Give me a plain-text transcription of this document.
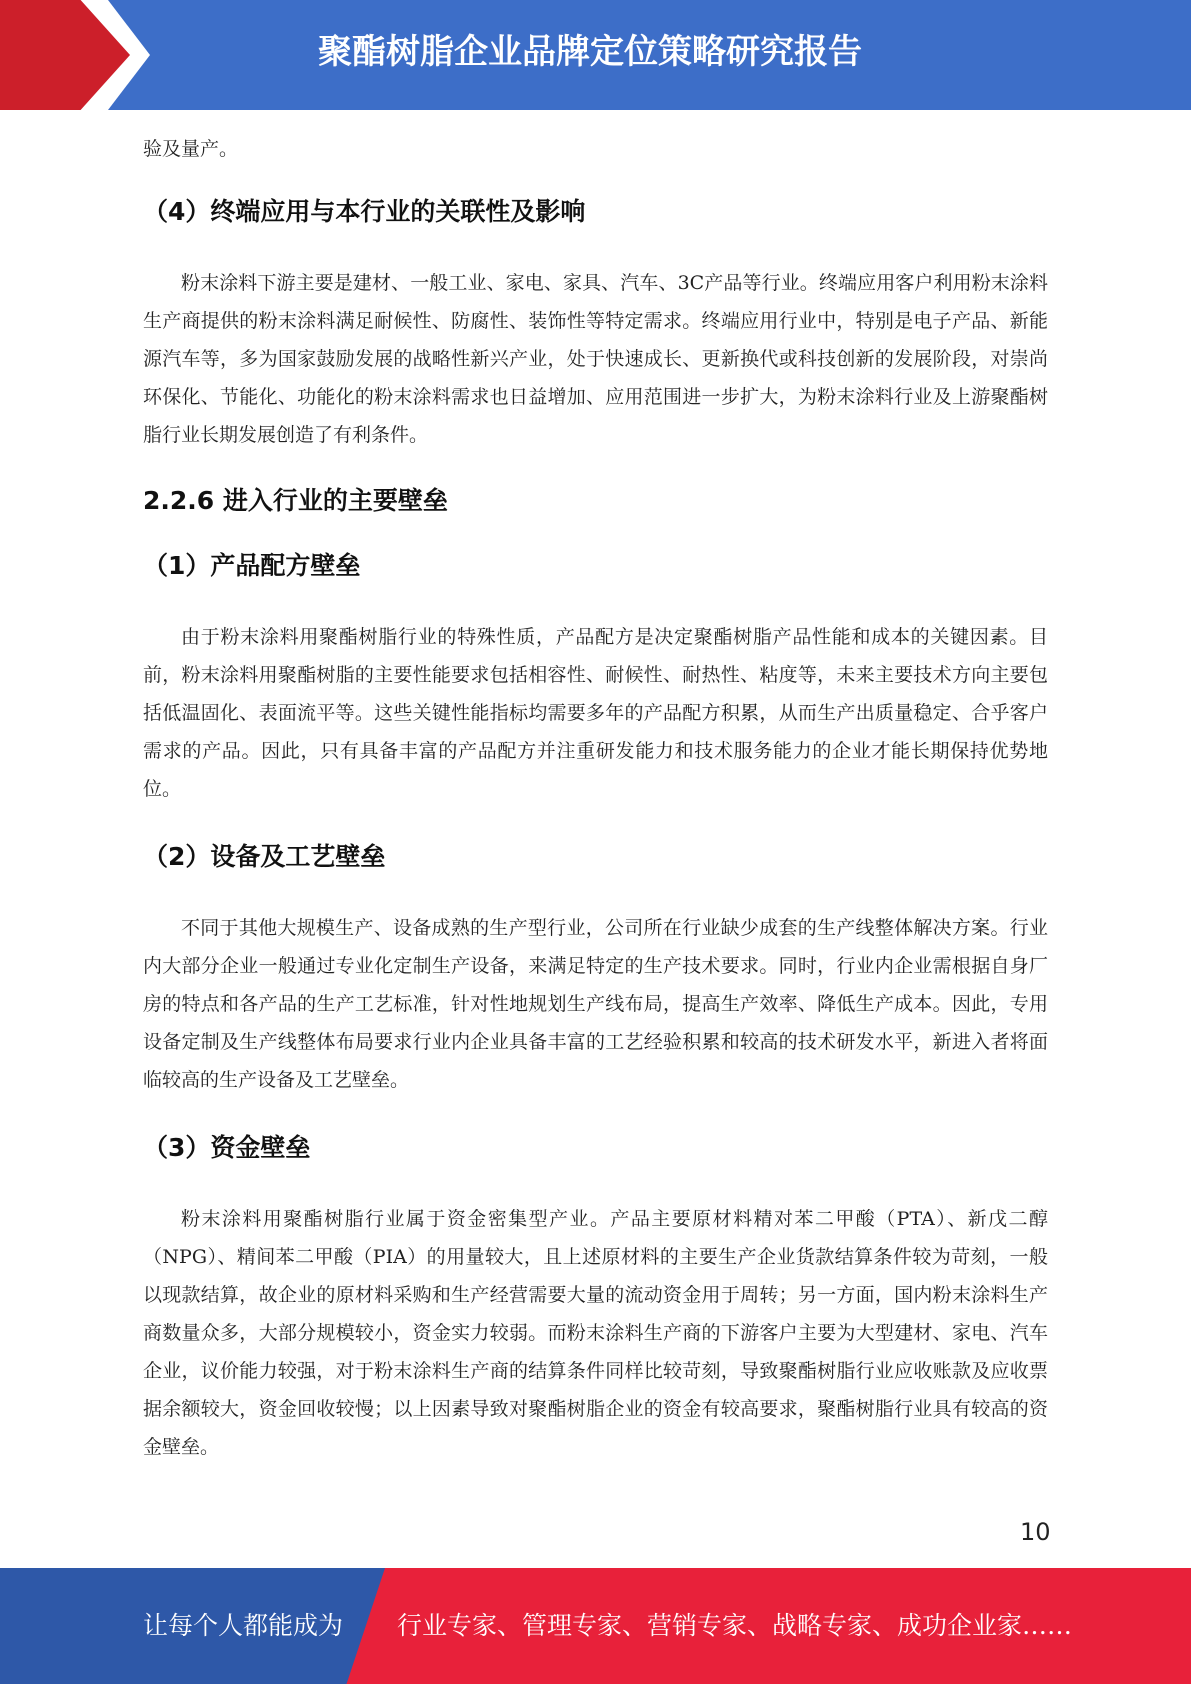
聚酯树脂企业品牌定位策略研究报告

验及量产。

（4）终端应用与本行业的关联性及影响

粉末涂料下游主要是建材、一般工业、家电、家具、汽车、3C产品等行业。终端应用客户利用粉末涂料生产商提供的粉末涂料满足耐候性、防腐性、装饰性等特定需求。终端应用行业中，特别是电子产品、新能源汽车等，多为国家鼓励发展的战略性新兴产业，处于快速成长、更新换代或科技创新的发展阶段，对崇尚环保化、节能化、功能化的粉末涂料需求也日益增加、应用范围进一步扩大，为粉末涂料行业及上游聚酯树脂行业长期发展创造了有利条件。

2.2.6 进入行业的主要壁垒
（1）产品配方壁垒

由于粉末涂料用聚酯树脂行业的特殊性质，产品配方是决定聚酯树脂产品性能和成本的关键因素。目前，粉末涂料用聚酯树脂的主要性能要求包括相容性、耐候性、耐热性、粘度等，未来主要技术方向主要包括低温固化、表面流平等。这些关键性能指标均需要多年的产品配方积累，从而生产出质量稳定、合乎客户需求的产品。因此，只有具备丰富的产品配方并注重研发能力和技术服务能力的企业才能长期保持优势地位。

（2）设备及工艺壁垒

不同于其他大规模生产、设备成熟的生产型行业，公司所在行业缺少成套的生产线整体解决方案。行业内大部分企业一般通过专业化定制生产设备，来满足特定的生产技术要求。同时，行业内企业需根据自身厂房的特点和各产品的生产工艺标准，针对性地规划生产线布局，提高生产效率、降低生产成本。因此，专用设备定制及生产线整体布局要求行业内企业具备丰富的工艺经验积累和较高的技术研发水平，新进入者将面临较高的生产设备及工艺壁垒。

（3）资金壁垒

粉末涂料用聚酯树脂行业属于资金密集型产业。产品主要原材料精对苯二甲酸（PTA）、新戊二醇（NPG）、精间苯二甲酸（PIA）的用量较大，且上述原材料的主要生产企业货款结算条件较为苛刻，一般以现款结算，故企业的原材料采购和生产经营需要大量的流动资金用于周转；另一方面，国内粉末涂料生产商数量众多，大部分规模较小，资金实力较弱。而粉末涂料生产商的下游客户主要为大型建材、家电、汽车企业，议价能力较强，对于粉末涂料生产商的结算条件同样比较苛刻，导致聚酯树脂行业应收账款及应收票据余额较大，资金回收较慢；以上因素导致对聚酯树脂企业的资金有较高要求，聚酯树脂行业具有较高的资金壁垒。

10
让每个人都能成为 行业专家、管理专家、营销专家、战略专家、成功企业家……
